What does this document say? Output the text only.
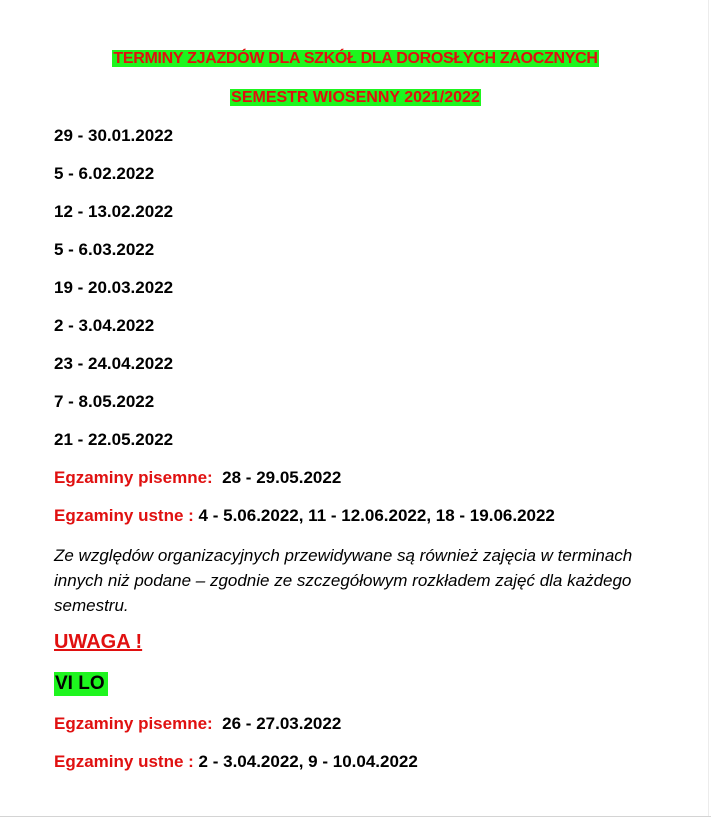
TERMINY ZJAZDÓW DLA SZKÓŁ DLA DOROSŁYCH ZAOCZNYCH
SEMESTR WIOSENNY 2021/2022
29 - 30.01.2022
5 - 6.02.2022
12 - 13.02.2022
5 - 6.03.2022
19 - 20.03.2022
2 - 3.04.2022
23 - 24.04.2022
7 - 8.05.2022
21 - 22.05.2022
Egzaminy pisemne: 28 - 29.05.2022
Egzaminy ustne : 4 - 5.06.2022, 11 - 12.06.2022, 18 - 19.06.2022
Ze względów organizacyjnych przewidywane są również zajęcia w terminach innych niż podane – zgodnie ze szczegółowym rozkładem zajęć dla każdego semestru.
UWAGA !
VI LO
Egzaminy pisemne: 26 - 27.03.2022
Egzaminy ustne : 2 - 3.04.2022, 9 - 10.04.2022
